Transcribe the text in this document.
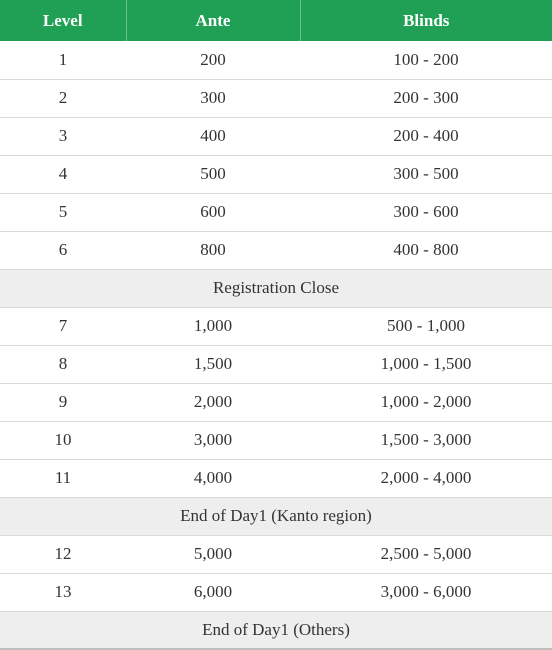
Level	Ante	Blinds
1	200	100 - 200
2	300	200 - 300
3	400	200 - 400
4	500	300 - 500
5	600	300 - 600
6	800	400 - 800
Registration Close		
7	1,000	500 - 1,000
8	1,500	1,000 - 1,500
9	2,000	1,000 - 2,000
10	3,000	1,500 - 3,000
11	4,000	2,000 - 4,000
End of Day1 (Kanto region)		
12	5,000	2,500 - 5,000
13	6,000	3,000 - 6,000
End of Day1 (Others)		
